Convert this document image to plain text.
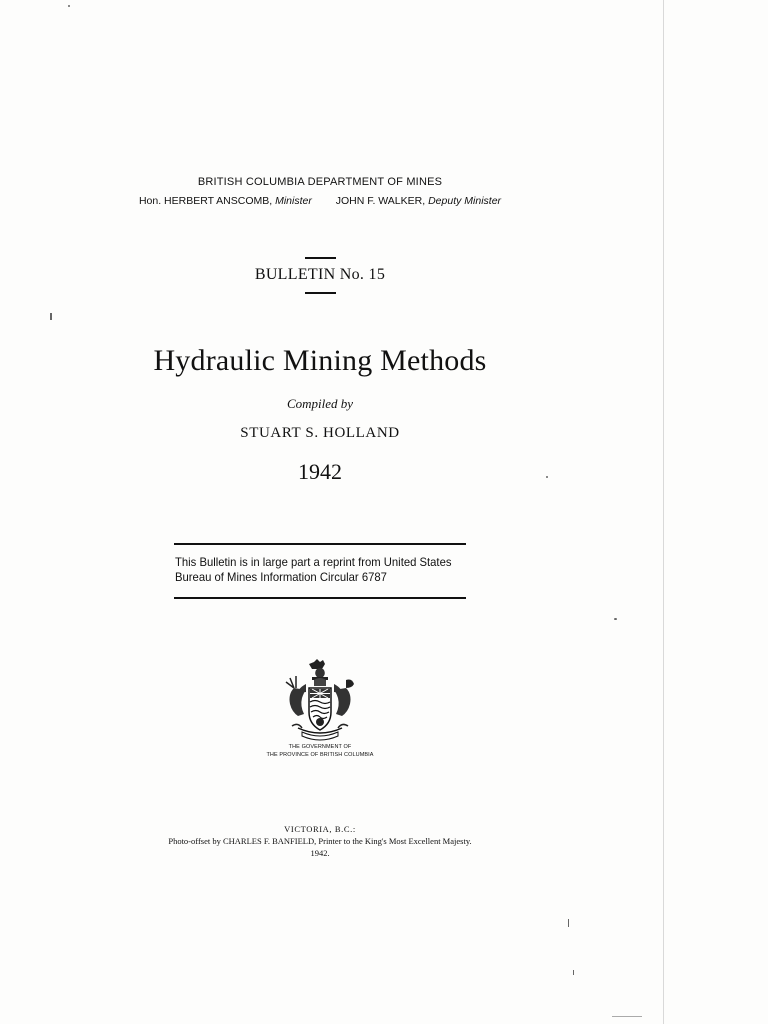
BRITISH COLUMBIA DEPARTMENT OF MINES
Hon. HERBERT ANSCOMB, Minister JOHN F. WALKER, Deputy Minister
BULLETIN No. 15
Hydraulic Mining Methods
Compiled by
STUART S. HOLLAND
1942
This Bulletin is in large part a reprint from United States Bureau of Mines Information Circular 6787
THE GOVERNMENT OF
THE PROVINCE OF BRITISH COLUMBIA
VICTORIA, B.C.:
Photo-offset by CHARLES F. BANFIELD, Printer to the King's Most Excellent Majesty.
1942.
